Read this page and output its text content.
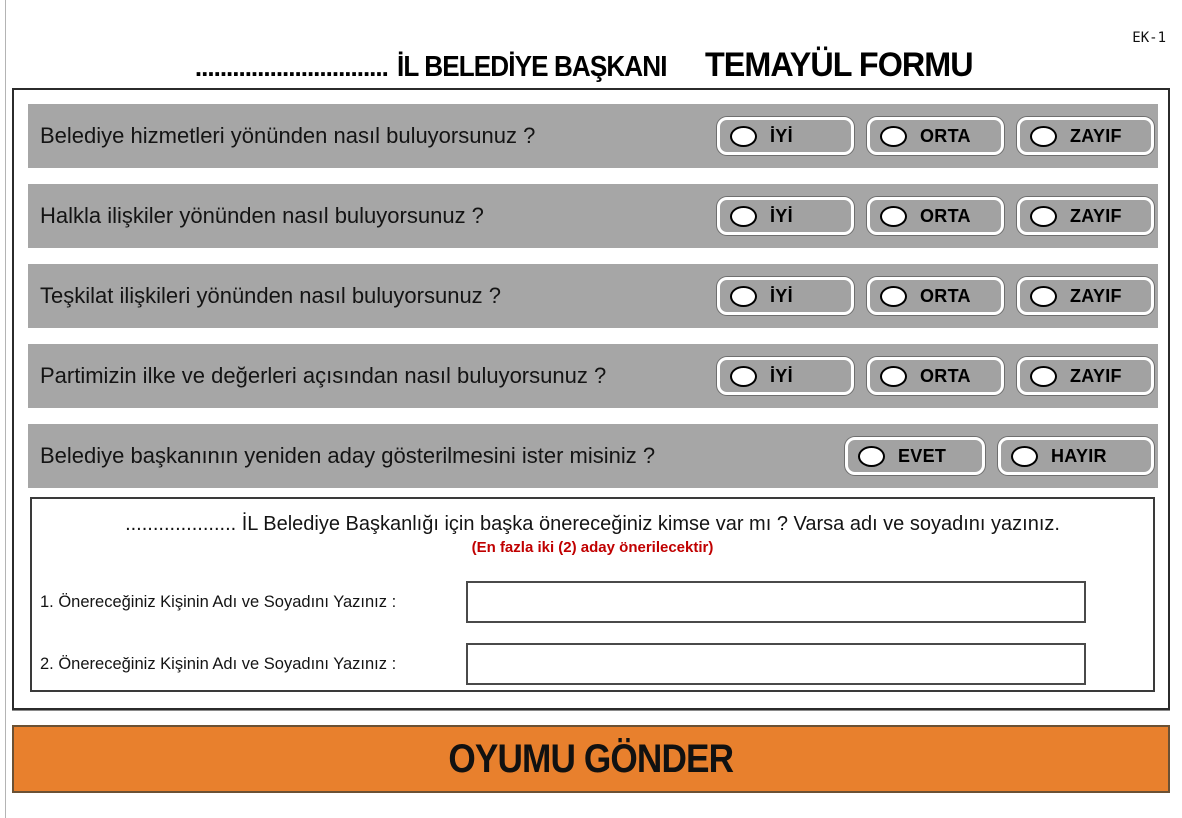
EK-1
............................... İL BELEDİYE BAŞKANI TEMAYÜL FORMU
Belediye hizmetleri yönünden nasıl buluyorsunuz ?	İYİ	ORTA	ZAYIF
Halkla ilişkiler yönünden nasıl buluyorsunuz ?	İYİ	ORTA	ZAYIF
Teşkilat ilişkileri yönünden nasıl buluyorsunuz ?	İYİ	ORTA	ZAYIF
Partimizin ilke ve değerleri açısından nasıl buluyorsunuz ?	İYİ	ORTA	ZAYIF
Belediye başkanının yeniden aday gösterilmesini ister misiniz ?	EVET	HAYIR
.................... İL Belediye Başkanlığı için başka önereceğiniz kimse var mı ? Varsa adı ve soyadını yazınız.
(En fazla iki (2) aday önerilecektir)
1. Önereceğiniz Kişinin Adı ve Soyadını Yazınız :
2. Önereceğiniz Kişinin Adı ve Soyadını Yazınız :
OYUMU GÖNDER
